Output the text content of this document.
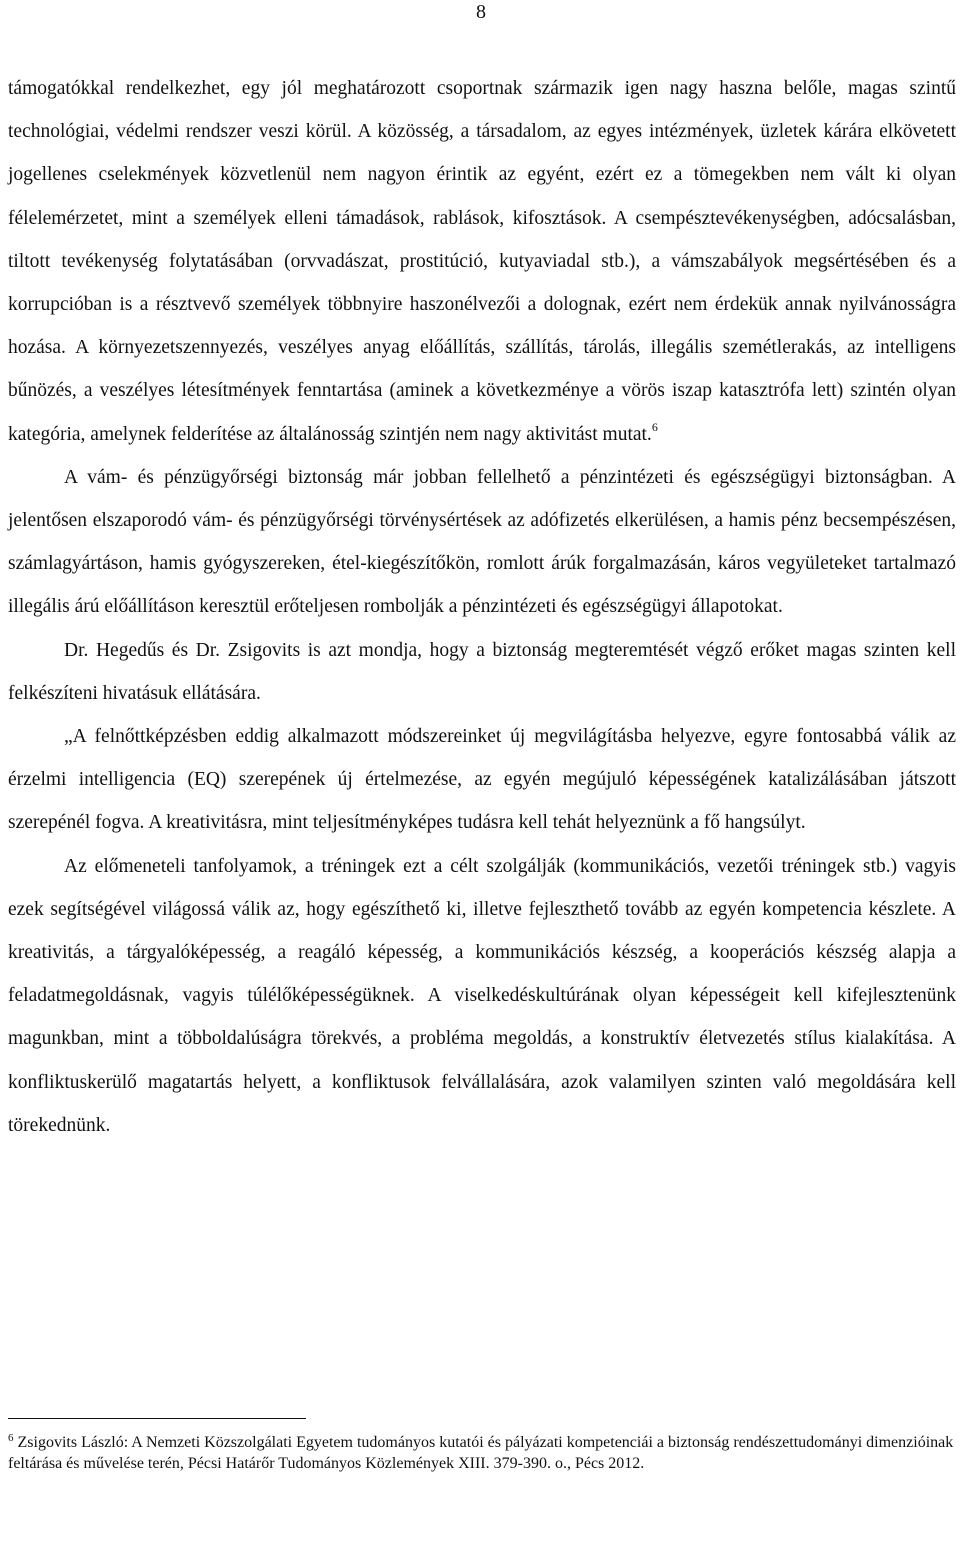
8

támogatókkal rendelkezhet, egy jól meghatározott csoportnak származik igen nagy haszna belőle, magas szintű technológiai, védelmi rendszer veszi körül. A közösség, a társadalom, az egyes intézmények, üzletek kárára elkövetett jogellenes cselekmények közvetlenül nem nagyon érintik az egyént, ezért ez a tömegekben nem vált ki olyan félelemérzetet, mint a személyek elleni támadások, rablások, kifosztások. A csempésztevékenységben, adócsalásban, tiltott tevékenység folytatásában (orvvadászat, prostitúció, kutyaviadal stb.), a vámszabályok megsértésében és a korrupcióban is a résztvevő személyek többnyire haszonélvezői a dolognak, ezért nem érdekük annak nyilvánosságra hozása. A környezetszennyezés, veszélyes anyag előállítás, szállítás, tárolás, illegális szemétlerakás, az intelligens bűnözés, a veszélyes létesítmények fenntartása (aminek a következménye a vörös iszap katasztrófa lett) szintén olyan kategória, amelynek felderítése az általánosság szintjén nem nagy aktivitást mutat.$^6$

A vám- és pénzügyőrségi biztonság már jobban fellelhető a pénzintézeti és egészségügyi biztonságban. A jelentősen elszaporodó vám- és pénzügyőrségi törvénysértések az adófizetés elkerülésen, a hamis pénz becsempészésen, számlagyártáson, hamis gyógyszereken, étel-kiegészítőkön, romlott árúk forgalmazásán, káros vegyületeket tartalmazó illegális árú előállításon keresztül erőteljesen rombolják a pénzintézeti és egészségügyi állapotokat.

Dr. Hegedűs és Dr. Zsigovits is azt mondja, hogy a biztonság megteremtését végző erőket magas szinten kell felkészíteni hivatásuk ellátására.

„A felnőttképzésben eddig alkalmazott módszereinket új megvilágításba helyezve, egyre fontosabbá válik az érzelmi intelligencia (EQ) szerepének új értelmezése, az egyén megújuló képességének katalizálásában játszott szerepénél fogva. A kreativitásra, mint teljesítményképes tudásra kell tehát helyeznünk a fő hangsúlyt.

Az előmeneteli tanfolyamok, a tréningek ezt a célt szolgálják (kommunikációs, vezetői tréningek stb.) vagyis ezek segítségével világossá válik az, hogy egészíthető ki, illetve fejleszthető tovább az egyén kompetencia készlete. A kreativitás, a tárgyalóképesség, a reagáló képesség, a kommunikációs készség, a kooperációs készség alapja a feladatmegoldásnak, vagyis túlélőképességüknek. A viselkedéskultúrának olyan képességeit kell kifejlesztenünk magunkban, mint a többoldalúságra törekvés, a probléma megoldás, a konstruktív életvezetés stílus kialakítása. A konfliktuskerülő magatartás helyett, a konfliktusok felvállalására, azok valamilyen szinten való megoldására kell törekednünk.

$^6$ Zsigovits László: A Nemzeti Közszolgálati Egyetem tudományos kutatói és pályázati kompetenciái a biztonság rendészettudományi dimenzióinak feltárása és művelése terén, Pécsi Határőr Tudományos Közlemények XIII. 379-390. o., Pécs 2012.
